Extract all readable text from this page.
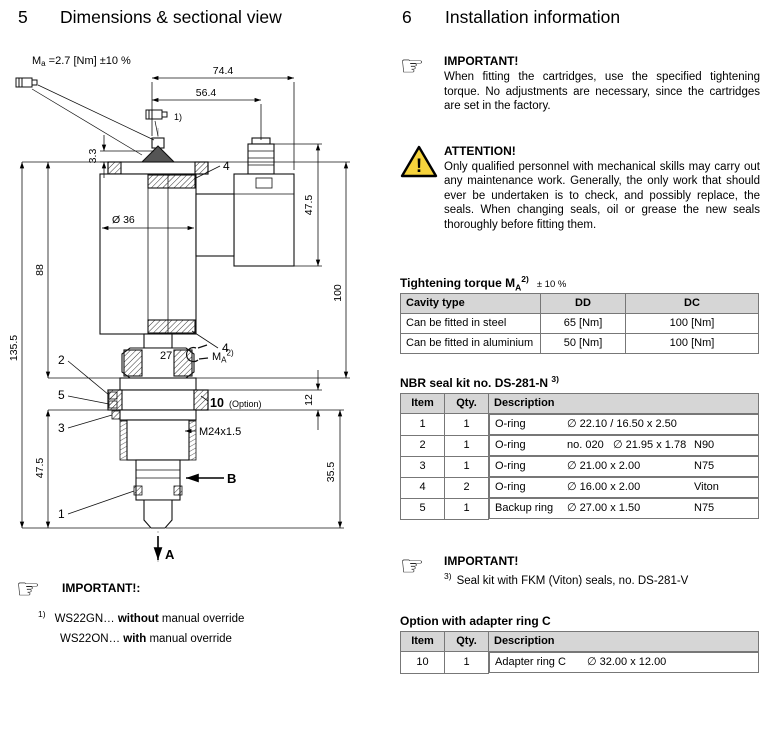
5	Dimensions & sectional view
Ma =2.7 [Nm] ±10 %
1)
74.4
56.4
3.3
Ø 36
135.5
88
47.5
47.5
100
12
35.5
4
4
2
5
3
1
10 (Option)
27	$M_A^{2)}$
M24x1.5
B
A
☞	IMPORTANT!:
$^{1)}$ WS22GN… without manual override
WS22ON… with manual override
6	Installation information
☞	IMPORTANT!
When fitting the cartridges, use the specified tightening torque. No adjustments are necessary, since the cartridges are set in the factory.
!
ATTENTION!
Only qualified personnel with mechanical skills may carry out any maintenance work. Generally, the only work that should ever be undertaken is to check, and possibly replace, the seals. When changing seals, oil or grease the new seals thoroughly before fitting them.
Tightening torque $M_A^{2)} \pm 10$ %
Cavity type	DD	DC
Can be fitted in steel	65 [Nm]	100 [Nm]
Can be fitted in aluminium	50 [Nm]	100 [Nm]
NBR seal kit no. DS-281-N $^{3)}$
Item	Qty.	Description
1	1	O-ring	∅ 22.10 / 16.50 x 2.50

2	1	O-ring	no. 020 ∅ 21.95 x 1.78 N90

3	1	O-ring	∅ 21.00 x 2.00	N75

4	2	O-ring	∅ 16.00 x 2.00	Viton

5	1	Backup ring	∅ 27.00 x 1.50	N75
☞	IMPORTANT!
$^{3)}$ Seal kit with FKM (Viton) seals, no. DS-281-V
Option with adapter ring C
Item	Qty.	Description
10	1	Adapter ring C	∅ 32.00 x 12.00
